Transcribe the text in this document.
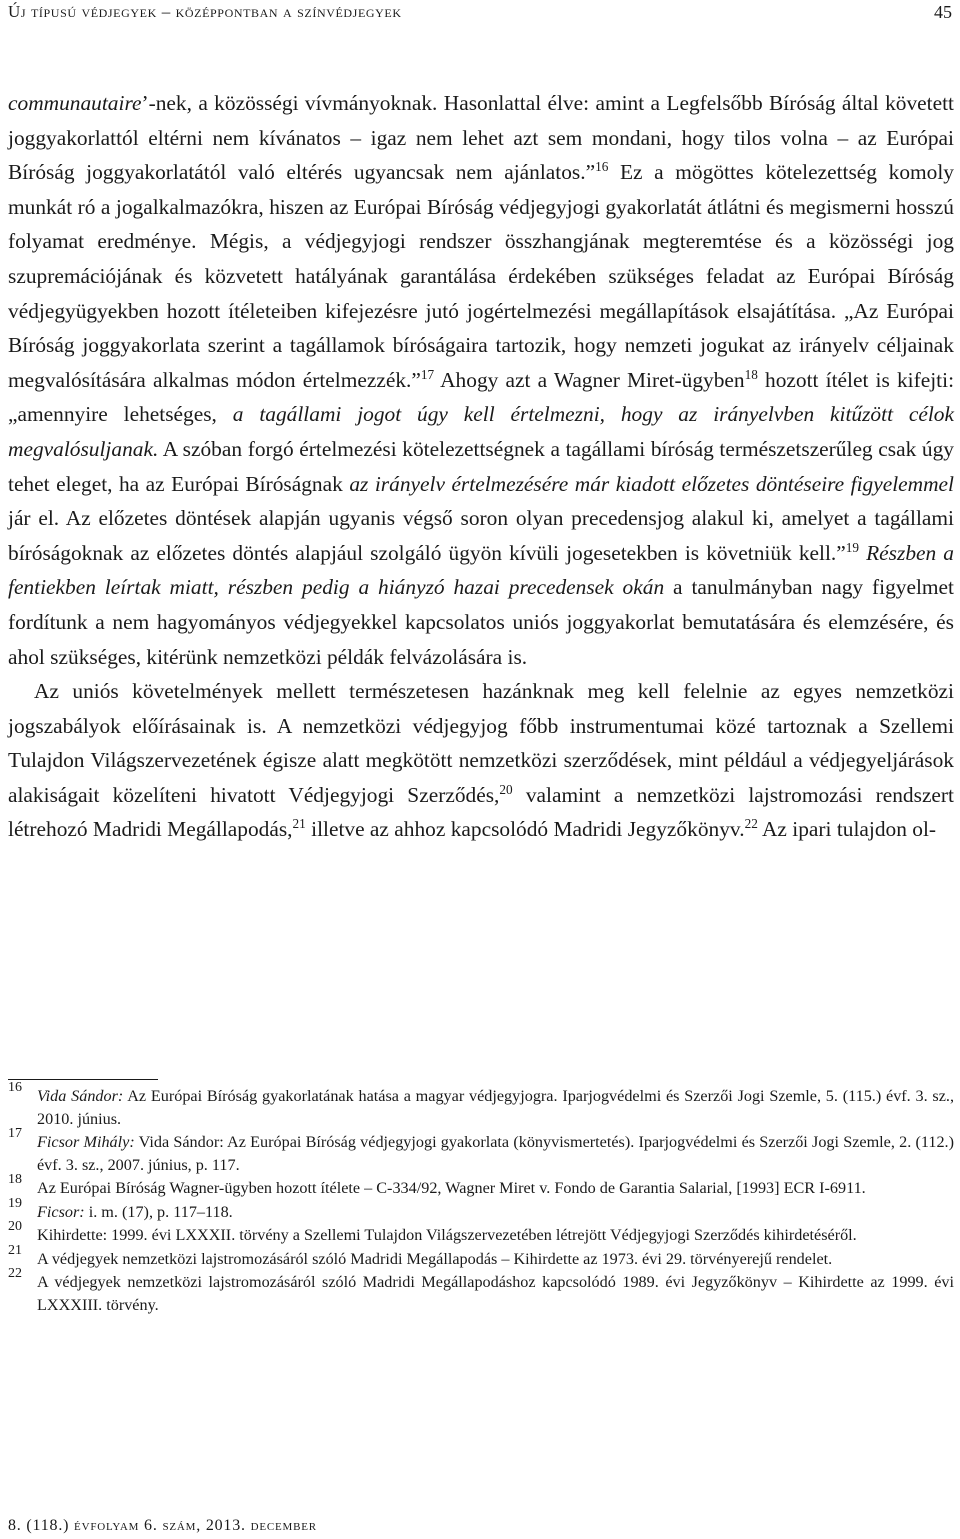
Új típusú védjegyek – középpontban a színvédjegyek	45

communautaire’-nek, a közösségi vívmányoknak. Hasonlattal élve: amint a Legfelsőbb Bíróság által követett joggyakorlattól eltérni nem kívánatos – igaz nem lehet azt sem mondani, hogy tilos volna – az Európai Bíróság joggyakorlatától való eltérés ugyancsak nem ajánlatos.”$^{16}$ Ez a mögöttes kötelezettség komoly munkát ró a jogalkalmazókra, hiszen az Európai Bíróság védjegyjogi gyakorlatát átlátni és megismerni hosszú folyamat eredménye. Mégis, a védjegyjogi rendszer összhangjának megteremtése és a közösségi jog szupremációjának és közvetett hatályának garantálása érdekében szükséges feladat az Európai Bíróság védjegyügyekben hozott ítéleteiben kifejezésre jutó jogértelmezési megállapítások elsajátítása. „Az Európai Bíróság joggyakorlata szerint a tagállamok bíróságaira tartozik, hogy nemzeti jogukat az irányelv céljainak megvalósítására alkalmas módon értelmezzék.”$^{17}$ Ahogy azt a Wagner Miret-ügyben$^{18}$ hozott ítélet is kifejti: „amennyire lehetséges, a tagállami jogot úgy kell értelmezni, hogy az irányelvben kitűzött célok megvalósuljanak. A szóban forgó értelmezési kötelezettségnek a tagállami bíróság természetszerűleg csak úgy tehet eleget, ha az Európai Bíróságnak az irányelv értelmezésére már kiadott előzetes döntéseire figyelemmel jár el. Az előzetes döntések alapján ugyanis végső soron olyan precedensjog alakul ki, amelyet a tagállami bíróságoknak az előzetes döntés alapjául szolgáló ügyön kívüli jogesetekben is követniük kell.”$^{19}$ Részben a fentiekben leírtak miatt, részben pedig a hiányzó hazai precedensek okán a tanulmányban nagy figyelmet fordítunk a nem hagyományos védjegyekkel kapcsolatos uniós joggyakorlat bemutatására és elemzésére, és ahol szükséges, kitérünk nemzetközi példák felvázolására is.

Az uniós követelmények mellett természetesen hazánknak meg kell felelnie az egyes nemzetközi jogszabályok előírásainak is. A nemzetközi védjegyjog főbb instrumentumai közé tartoznak a Szellemi Tulajdon Világszervezetének égisze alatt megkötött nemzetközi szerződések, mint például a védjegyeljárások alakiságait közelíteni hivatott Védjegyjogi Szerződés,$^{20}$ valamint a nemzetközi lajstromozási rendszert létrehozó Madridi Megállapodás,$^{21}$ illetve az ahhoz kapcsolódó Madridi Jegyzőkönyv.$^{22}$ Az ipari tulajdon ol-

16 Vida Sándor: Az Európai Bíróság gyakorlatának hatása a magyar védjegyjogra. Iparjogvédelmi és Szerzői Jogi Szemle, 5. (115.) évf. 3. sz., 2010. június.
17 Ficsor Mihály: Vida Sándor: Az Európai Bíróság védjegyjogi gyakorlata (könyvismertetés). Iparjogvédelmi és Szerzői Jogi Szemle, 2. (112.) évf. 3. sz., 2007. június, p. 117.
18 Az Európai Bíróság Wagner-ügyben hozott ítélete – C-334/92, Wagner Miret v. Fondo de Garantia Salarial, [1993] ECR I-6911.
19 Ficsor: i. m. (17), p. 117–118.
20 Kihirdette: 1999. évi LXXXII. törvény a Szellemi Tulajdon Világszervezetében létrejött Védjegyjogi Szerződés kihirdetéséről.
21 A védjegyek nemzetközi lajstromozásáról szóló Madridi Megállapodás – Kihirdette az 1973. évi 29. törvényerejű rendelet.
22 A védjegyek nemzetközi lajstromozásáról szóló Madridi Megállapodáshoz kapcsolódó 1989. évi Jegyzőkönyv – Kihirdette az 1999. évi LXXXIII. törvény.
8. (118.) évfolyam 6. szám, 2013. december
